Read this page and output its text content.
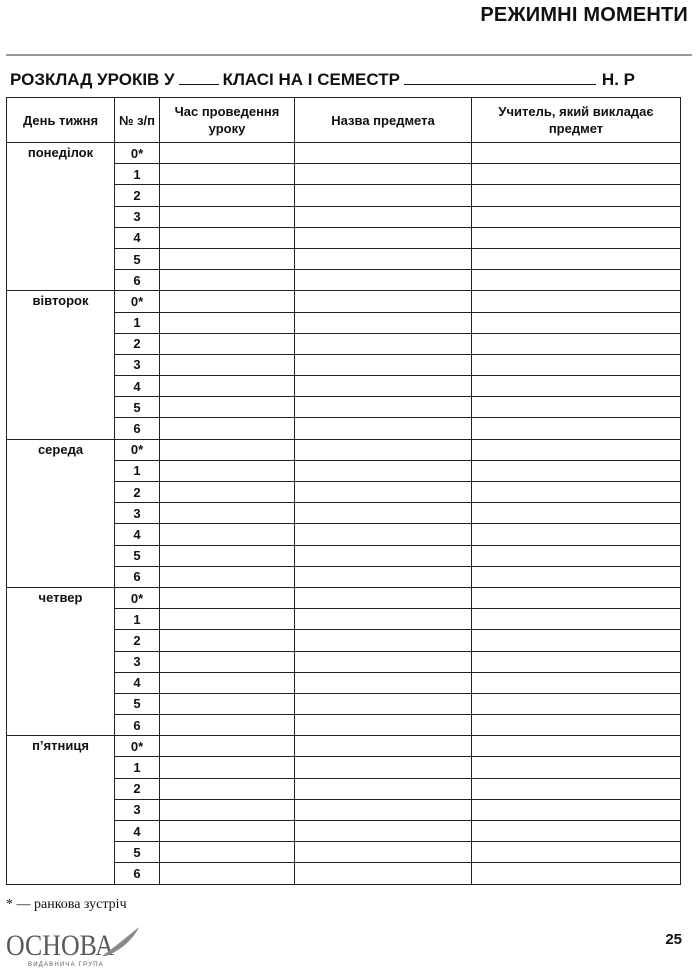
РЕЖИМНІ МОМЕНТИ
РОЗКЛАД УРОКІВ У	КЛАСІ НА І СЕМЕСТР	Н. Р
День тижня	№ з/п	Час проведення уроку	Назва предмета	Учитель, який викладає предмет
понеділок	0*			
	1			
	2			
	3			
	4			
	5			
	6			
вівторок	0*			
	1			
	2			
	3			
	4			
	5			
	6			
середа	0*			
	1			
	2			
	3			
	4			
	5			
	6			
четвер	0*			
	1			
	2			
	3			
	4			
	5			
	6			
п’ятниця	0*			
	1			
	2			
	3			
	4			
	5			
	6			
* — ранкова зустріч
ОСНОВА
ВИДАВНИЧА ГРУПА
25
